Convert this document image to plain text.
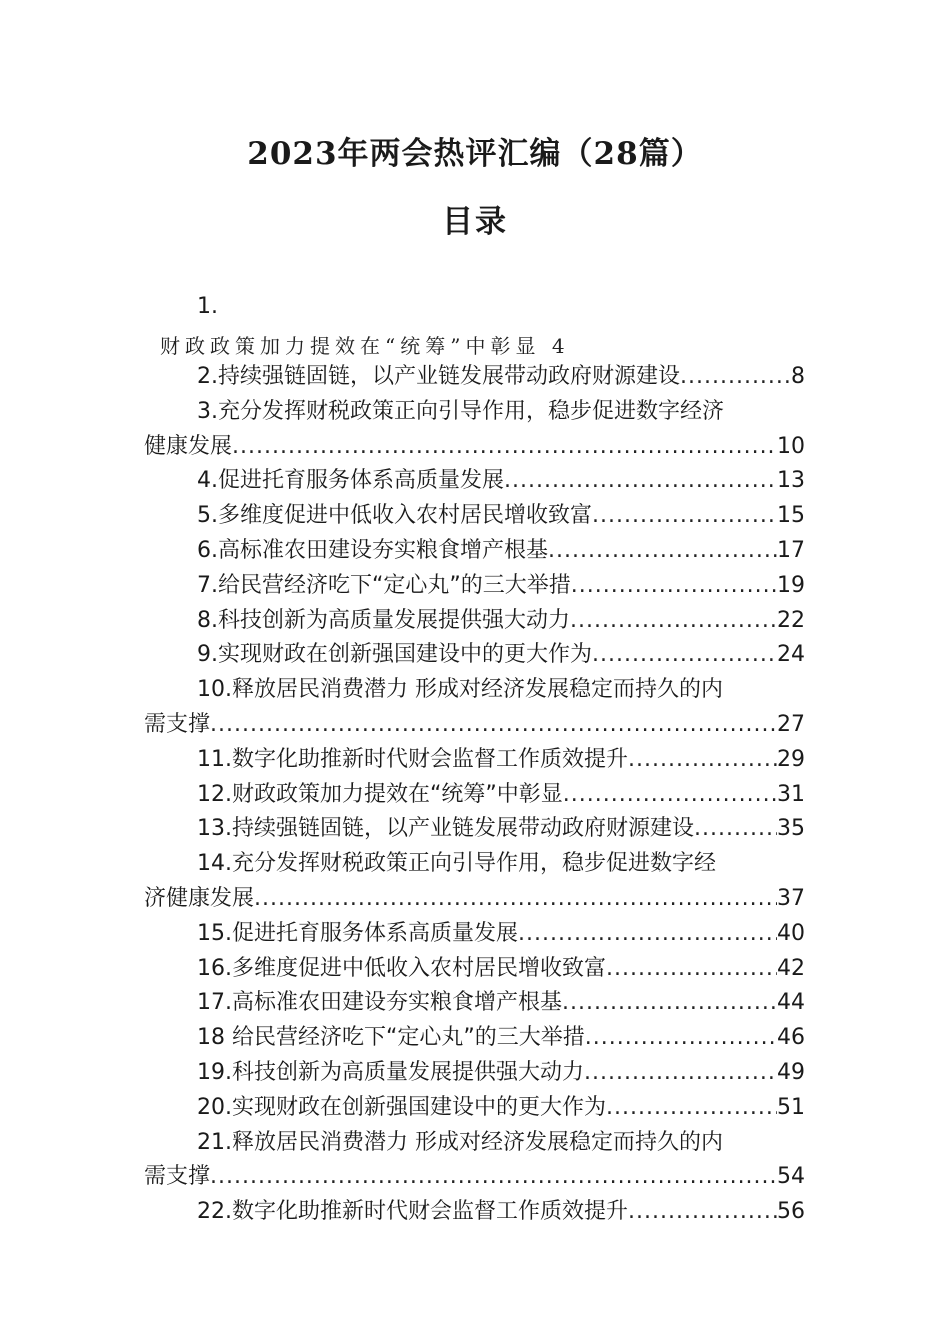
2023年两会热评汇编（28篇）
目录
1.
财政政策加力提效在“统筹”中彰显 4
2.持续强链固链，以产业链发展带动政府财源建设 .....	8
3.充分发挥财税政策正向引导作用，稳步促进数字经济
健康发展 .....	10
4.促进托育服务体系高质量发展 .....	13
5.多维度促进中低收入农村居民增收致富 .....	15
6.高标准农田建设夯实粮食增产根基 .....	17
7.给民营经济吃下“定心丸”的三大举措 .....	19
8.科技创新为高质量发展提供强大动力 .....	22
9.实现财政在创新强国建设中的更大作为 .....	24
10.释放居民消费潜力 形成对经济发展稳定而持久的内
需支撑 .....	27
11.数字化助推新时代财会监督工作质效提升 .....	29
12.财政政策加力提效在“统筹”中彰显 .....	31
13.持续强链固链，以产业链发展带动政府财源建设 .....	35
14.充分发挥财税政策正向引导作用，稳步促进数字经
济健康发展 .....	37
15.促进托育服务体系高质量发展 .....	40
16.多维度促进中低收入农村居民增收致富 .....	42
17.高标准农田建设夯实粮食增产根基 .....	44
18 给民营经济吃下“定心丸”的三大举措 .....	46
19.科技创新为高质量发展提供强大动力 .....	49
20.实现财政在创新强国建设中的更大作为 .....	51
21.释放居民消费潜力 形成对经济发展稳定而持久的内
需支撑 .....	54
22.数字化助推新时代财会监督工作质效提升 .....	56
